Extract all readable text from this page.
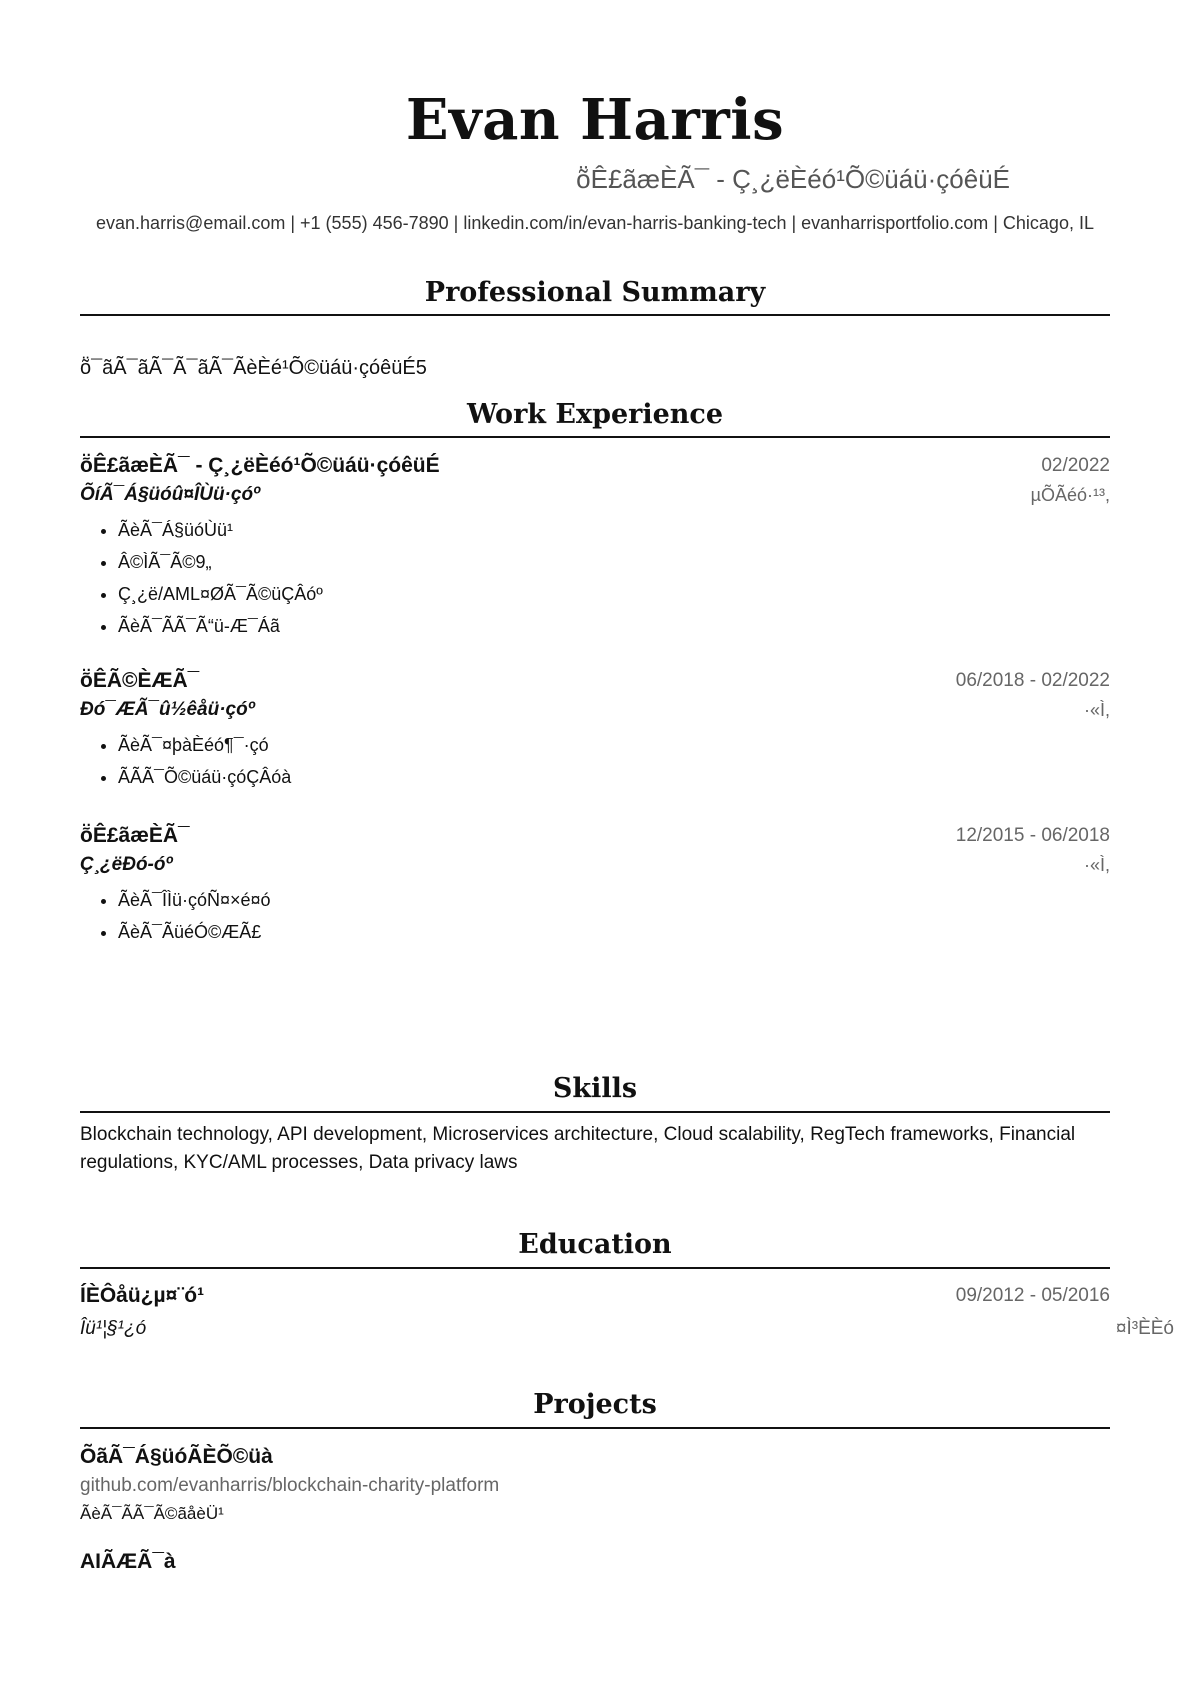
Evan Harris
ṏÊ£ãæÈÃ¯ - Ç¸¿ëÈéó¹Õ©üáü·çóêüÉ
evan.harris@email.com | +1 (555) 456-7890 | linkedin.com/in/evan-harris-banking-tech | evanharrisportfolio.com | Chicago, IL
Professional Summary
ṏ¯ãÃ¯ãÃ¯Ã¯ãÃ¯ÃèÈé¹Õ©üáü·çóêüÉ5
Work Experience
ṏÊ£ãæÈÃ¯ - Ç¸¿ëÈéó¹Õ©üáü·çóêüÉ	02/2022
ÕíÃ¯Á§üóû¤ÎÙü·çóº	µÕÃéó·¹³,
• ÃèÃ¯Á§üóÙü¹
• Â©ÌÃ¯Ã©9„
• Ç¸¿ë/AML¤ØÃ¯Ã©üÇÂóº
• ÃèÃ¯ÃÃ¯Ã“ü-Æ¯Áã
ṏÊÃ©ÈÆÃ¯	06/2018 - 02/2022
Ðó¯ÆÃ¯û½êåü·çóº	·«Ì,
• ÃèÃ¯¤þàÈéó¶¯·çó
• ÃÃÃ¯Õ©üáü·çóÇÂóà
ṏÊ£ãæÈÃ¯	12/2015 - 06/2018
Ç¸¿ëÐó-óº	·«Ì,
• ÃèÃ¯ÎÌü·çóÑ¤×é¤ó
• ÃèÃ¯ÃüéÓ©ÆÃ£
Skills
Blockchain technology, API development, Microservices architecture, Cloud scalability, RegTech frameworks, Financial regulations, KYC/AML processes, Data privacy laws
Education
ÍÈÔåü¿µ¤¨ó¹	09/2012 - 05/2016
Îü¹¦§¹¿ó	¤Ì³ÈÈó
Projects
ÕãÃ¯Á§üóÃÈÕ©üà
github.com/evanharris/blockchain-charity-platform
ÃèÃ¯ÃÃ¯Ã©ãåèÜ¹
AIÃÆÃ¯à
